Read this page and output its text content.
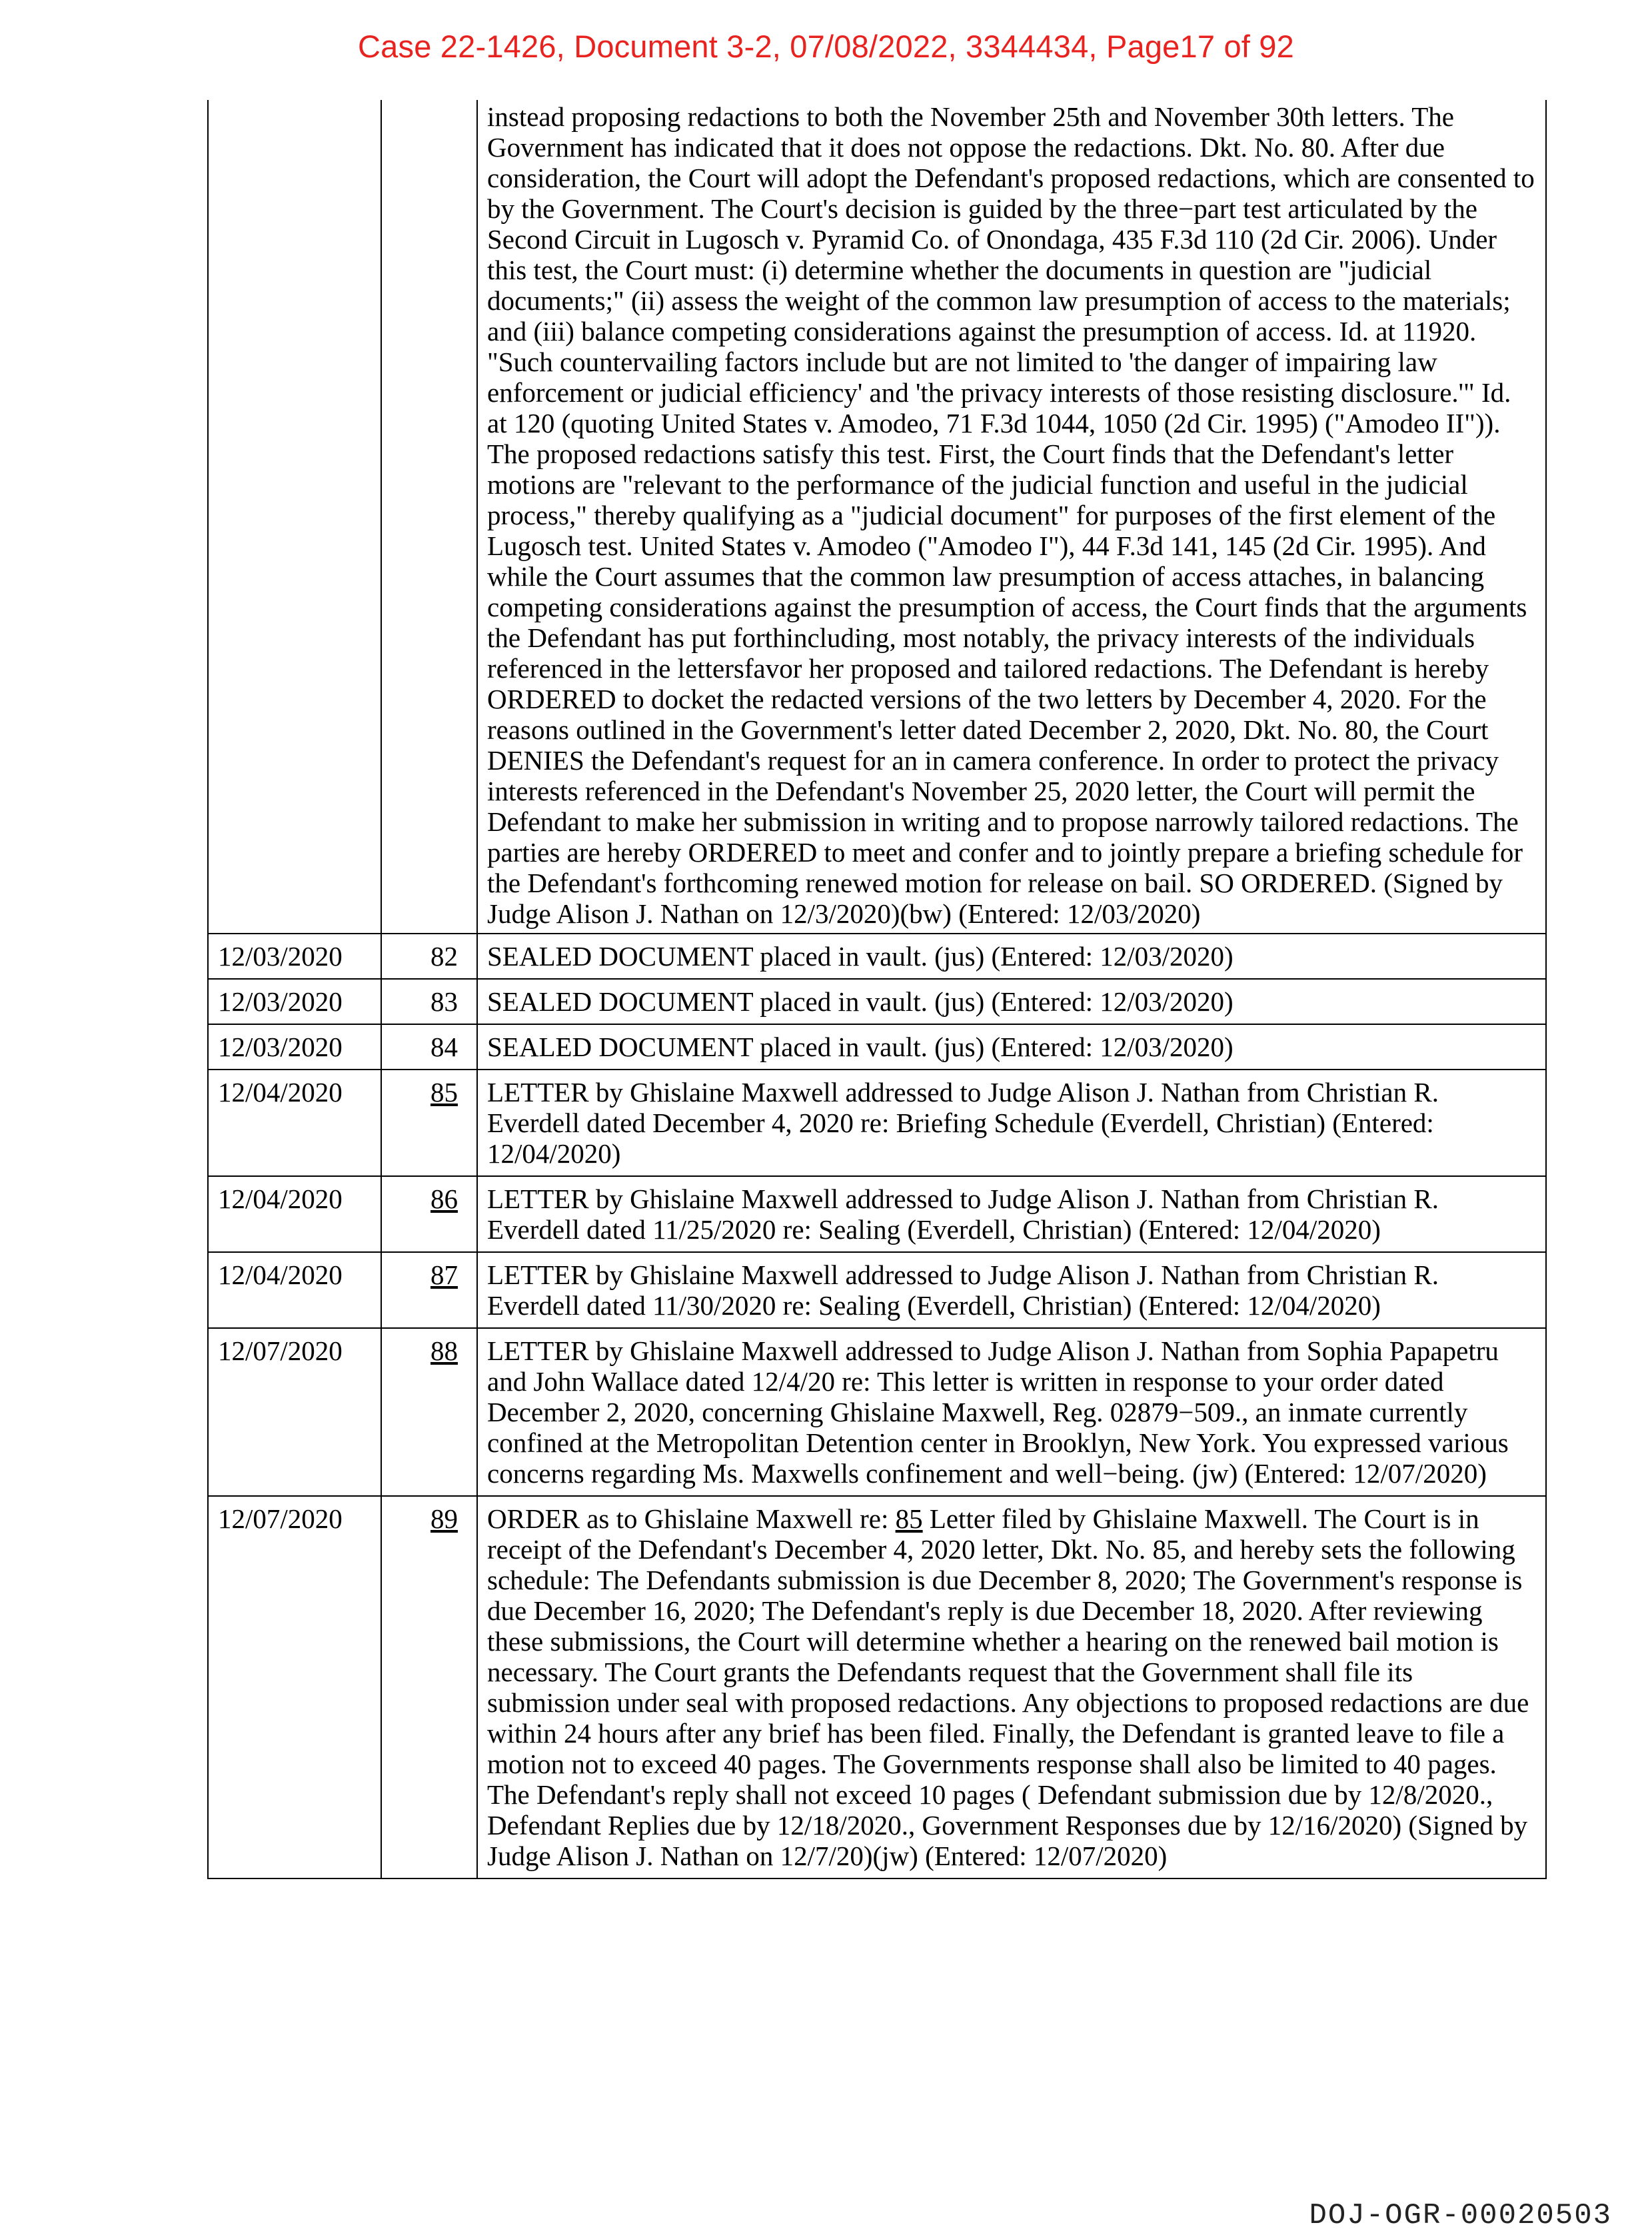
Case 22-1426, Document 3-2, 07/08/2022, 3344434, Page17 of 92
		instead proposing redactions to both the November 25th and November 30th letters. The Government has indicated that it does not oppose the redactions. Dkt. No. 80. After due consideration, the Court will adopt the Defendant's proposed redactions, which are consented to by the Government. The Court's decision is guided by the three−part test articulated by the Second Circuit in Lugosch v. Pyramid Co. of Onondaga, 435 F.3d 110 (2d Cir. 2006). Under this test, the Court must: (i) determine whether the documents in question are "judicial documents;" (ii) assess the weight of the common law presumption of access to the materials; and (iii) balance competing considerations against the presumption of access. Id. at 11920. "Such countervailing factors include but are not limited to 'the danger of impairing law enforcement or judicial efficiency' and 'the privacy interests of those resisting disclosure.'" Id. at 120 (quoting United States v. Amodeo, 71 F.3d 1044, 1050 (2d Cir. 1995) ("Amodeo II")). The proposed redactions satisfy this test. First, the Court finds that the Defendant's letter motions are "relevant to the performance of the judicial function and useful in the judicial process," thereby qualifying as a "judicial document" for purposes of the first element of the Lugosch test. United States v. Amodeo ("Amodeo I"), 44 F.3d 141, 145 (2d Cir. 1995). And while the Court assumes that the common law presumption of access attaches, in balancing competing considerations against the presumption of access, the Court finds that the arguments the Defendant has put forthincluding, most notably, the privacy interests of the individuals referenced in the lettersfavor her proposed and tailored redactions. The Defendant is hereby ORDERED to docket the redacted versions of the two letters by December 4, 2020. For the reasons outlined in the Government's letter dated December 2, 2020, Dkt. No. 80, the Court DENIES the Defendant's request for an in camera conference. In order to protect the privacy interests referenced in the Defendant's November 25, 2020 letter, the Court will permit the Defendant to make her submission in writing and to propose narrowly tailored redactions. The parties are hereby ORDERED to meet and confer and to jointly prepare a briefing schedule for the Defendant's forthcoming renewed motion for release on bail. SO ORDERED. (Signed by Judge Alison J. Nathan on 12/3/2020)(bw) (Entered: 12/03/2020)
12/03/2020	82	SEALED DOCUMENT placed in vault. (jus) (Entered: 12/03/2020)
12/03/2020	83	SEALED DOCUMENT placed in vault. (jus) (Entered: 12/03/2020)
12/03/2020	84	SEALED DOCUMENT placed in vault. (jus) (Entered: 12/03/2020)
12/04/2020	85	LETTER by Ghislaine Maxwell addressed to Judge Alison J. Nathan from Christian R. Everdell dated December 4, 2020 re: Briefing Schedule (Everdell, Christian) (Entered: 12/04/2020)
12/04/2020	86	LETTER by Ghislaine Maxwell addressed to Judge Alison J. Nathan from Christian R. Everdell dated 11/25/2020 re: Sealing (Everdell, Christian) (Entered: 12/04/2020)
12/04/2020	87	LETTER by Ghislaine Maxwell addressed to Judge Alison J. Nathan from Christian R. Everdell dated 11/30/2020 re: Sealing (Everdell, Christian) (Entered: 12/04/2020)
12/07/2020	88	LETTER by Ghislaine Maxwell addressed to Judge Alison J. Nathan from Sophia Papapetru and John Wallace dated 12/4/20 re: This letter is written in response to your order dated December 2, 2020, concerning Ghislaine Maxwell, Reg. 02879−509., an inmate currently confined at the Metropolitan Detention center in Brooklyn, New York. You expressed various concerns regarding Ms. Maxwells confinement and well−being. (jw) (Entered: 12/07/2020)
12/07/2020	89	ORDER as to Ghislaine Maxwell re: 85 Letter filed by Ghislaine Maxwell. The Court is in receipt of the Defendant's December 4, 2020 letter, Dkt. No. 85, and hereby sets the following schedule: The Defendants submission is due December 8, 2020; The Government's response is due December 16, 2020; The Defendant's reply is due December 18, 2020. After reviewing these submissions, the Court will determine whether a hearing on the renewed bail motion is necessary. The Court grants the Defendants request that the Government shall file its submission under seal with proposed redactions. Any objections to proposed redactions are due within 24 hours after any brief has been filed. Finally, the Defendant is granted leave to file a motion not to exceed 40 pages. The Governments response shall also be limited to 40 pages. The Defendant's reply shall not exceed 10 pages ( Defendant submission due by 12/8/2020., Defendant Replies due by 12/18/2020., Government Responses due by 12/16/2020) (Signed by Judge Alison J. Nathan on 12/7/20)(jw) (Entered: 12/07/2020)
DOJ-OGR-00020503
